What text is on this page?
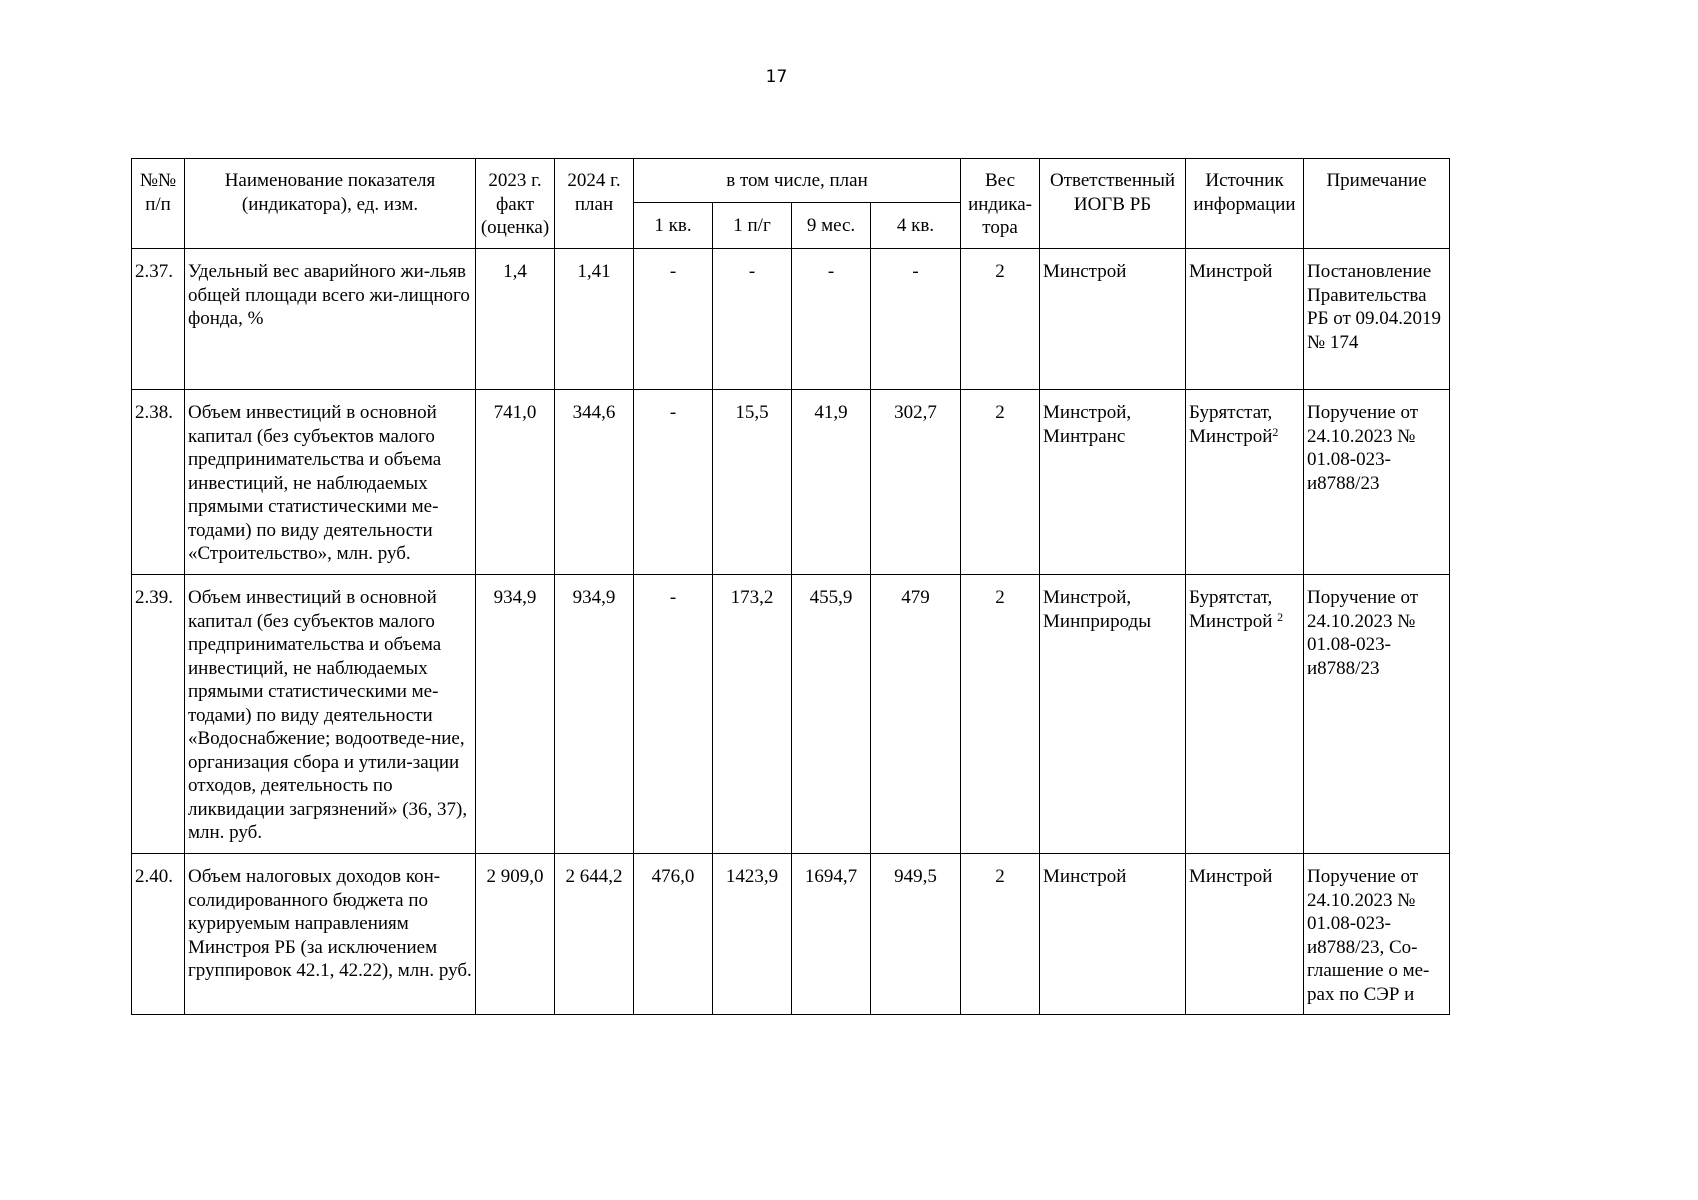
17
№№ п/п	Наименование показателя (индикатора), ед. изм.	2023 г. факт (оценка)	2024 г. план	в том числе, план				Вес индика-тора	Ответственный ИОГВ РБ	Источник информации	Примечание
				1 кв.	1 п/г	9 мес.	4 кв.				
2.37.	Удельный вес аварийного жи-льяв общей площади всего жи-лищного фонда, %	1,4	1,41	-	-	-	-	2	Минстрой	Минстрой	Постановление Правительства РБ от 09.04.2019 № 174
2.38.	Объем инвестиций в основной капитал (без субъектов малого предпринимательства и объема инвестиций, не наблюдаемых прямыми статистическими ме-тодами) по виду деятельности «Строительство», млн. руб.	741,0	344,6	-	15,5	41,9	302,7	2	Минстрой, Минтранс	Бурятстат, Минстрой$^2$	Поручение от 24.10.2023 № 01.08-023-и8788/23
2.39.	Объем инвестиций в основной капитал (без субъектов малого предпринимательства и объема инвестиций, не наблюдаемых прямыми статистическими ме-тодами) по виду деятельности «Водоснабжение; водоотведе-ние, организация сбора и утили-зации отходов, деятельность по ликвидации загрязнений» (36, 37), млн. руб.	934,9	934,9	-	173,2	455,9	479	2	Минстрой, Минприроды	Бурятстат, Минстрой $^2$	Поручение от 24.10.2023 № 01.08-023-и8788/23
2.40.	Объем налоговых доходов кон-солидированного бюджета по курируемым направлениям Минстроя РБ (за исключением группировок 42.1, 42.22), млн. руб.	2 909,0	2 644,2	476,0	1423,9	1694,7	949,5	2	Минстрой	Минстрой	Поручение от 24.10.2023 № 01.08-023-и8788/23, Со-глашение о ме-рах по СЭР и
